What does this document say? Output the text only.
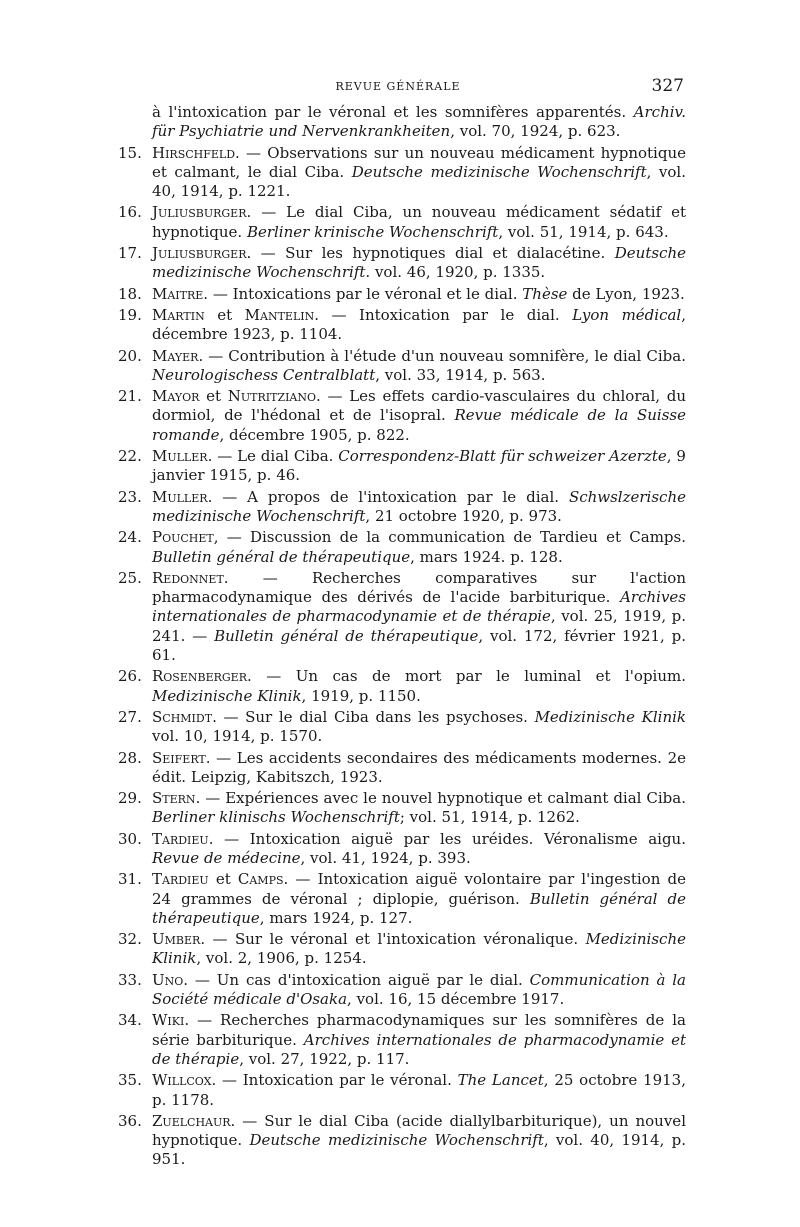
REVUE GÉNÉRALE	327
à l'intoxication par le véronal et les somnifères apparentés. Archiv. für Psychiatrie und Nervenkrankheiten, vol. 70, 1924, p. 623.
15. Hirschfeld. — Observations sur un nouveau médicament hypnotique et calmant, le dial Ciba. Deutsche medizinische Wochenschrift, vol. 40, 1914, p. 1221.
16. Juliusburger. — Le dial Ciba, un nouveau médicament sédatif et hypnotique. Berliner krinische Wochenschrift, vol. 51, 1914, p. 643.
17. Juliusburger. — Sur les hypnotiques dial et dialacétine. Deutsche medizinische Wochenschrift. vol. 46, 1920, p. 1335.
18. Maitre. — Intoxications par le véronal et le dial. Thèse de Lyon, 1923.
19. Martin et Mantelin. — Intoxication par le dial. Lyon médical, décembre 1923, p. 1104.
20. Mayer. — Contribution à l'étude d'un nouveau somnifère, le dial Ciba. Neurologischess Centralblatt, vol. 33, 1914, p. 563.
21. Mayor et Nutritziano. — Les effets cardio-vasculaires du chloral, du dormiol, de l'hédonal et de l'isopral. Revue médicale de la Suisse romande, décembre 1905, p. 822.
22. Muller. — Le dial Ciba. Correspondenz-Blatt für schweizer Azerzte, 9 janvier 1915, p. 46.
23. Muller. — A propos de l'intoxication par le dial. Schwslzerische medizinische Wochenschrift, 21 octobre 1920, p. 973.
24. Pouchet, — Discussion de la communication de Tardieu et Camps. Bulletin général de thérapeutique, mars 1924. p. 128.
25. Redonnet. — Recherches comparatives sur l'action pharmacodynamique des dérivés de l'acide barbiturique. Archives internationales de pharmacodynamie et de thérapie, vol. 25, 1919, p. 241. — Bulletin général de thérapeutique, vol. 172, février 1921, p. 61.
26. Rosenberger. — Un cas de mort par le luminal et l'opium. Medizinische Klinik, 1919, p. 1150.
27. Schmidt. — Sur le dial Ciba dans les psychoses. Medizinische Klinik vol. 10, 1914, p. 1570.
28. Seifert. — Les accidents secondaires des médicaments modernes. 2e édit. Leipzig, Kabitszch, 1923.
29. Stern. — Expériences avec le nouvel hypnotique et calmant dial Ciba. Berliner klinischs Wochenschrift; vol. 51, 1914, p. 1262.
30. Tardieu. — Intoxication aiguë par les uréides. Véronalisme aigu. Revue de médecine, vol. 41, 1924, p. 393.
31. Tardieu et Camps. — Intoxication aiguë volontaire par l'ingestion de 24 grammes de véronal ; diplopie, guérison. Bulletin général de thérapeutique, mars 1924, p. 127.
32. Umber. — Sur le véronal et l'intoxication véronalique. Medizinische Klinik, vol. 2, 1906, p. 1254.
33. Uno. — Un cas d'intoxication aiguë par le dial. Communication à la Société médicale d'Osaka, vol. 16, 15 décembre 1917.
34. Wiki. — Recherches pharmacodynamiques sur les somnifères de la série barbiturique. Archives internationales de pharmacodynamie et de thérapie, vol. 27, 1922, p. 117.
35. Willcox. — Intoxication par le véronal. The Lancet, 25 octobre 1913, p. 1178.
36. Zuelchaur. — Sur le dial Ciba (acide diallylbarbiturique), un nouvel hypnotique. Deutsche medizinische Wochenschrift, vol. 40, 1914, p. 951.
